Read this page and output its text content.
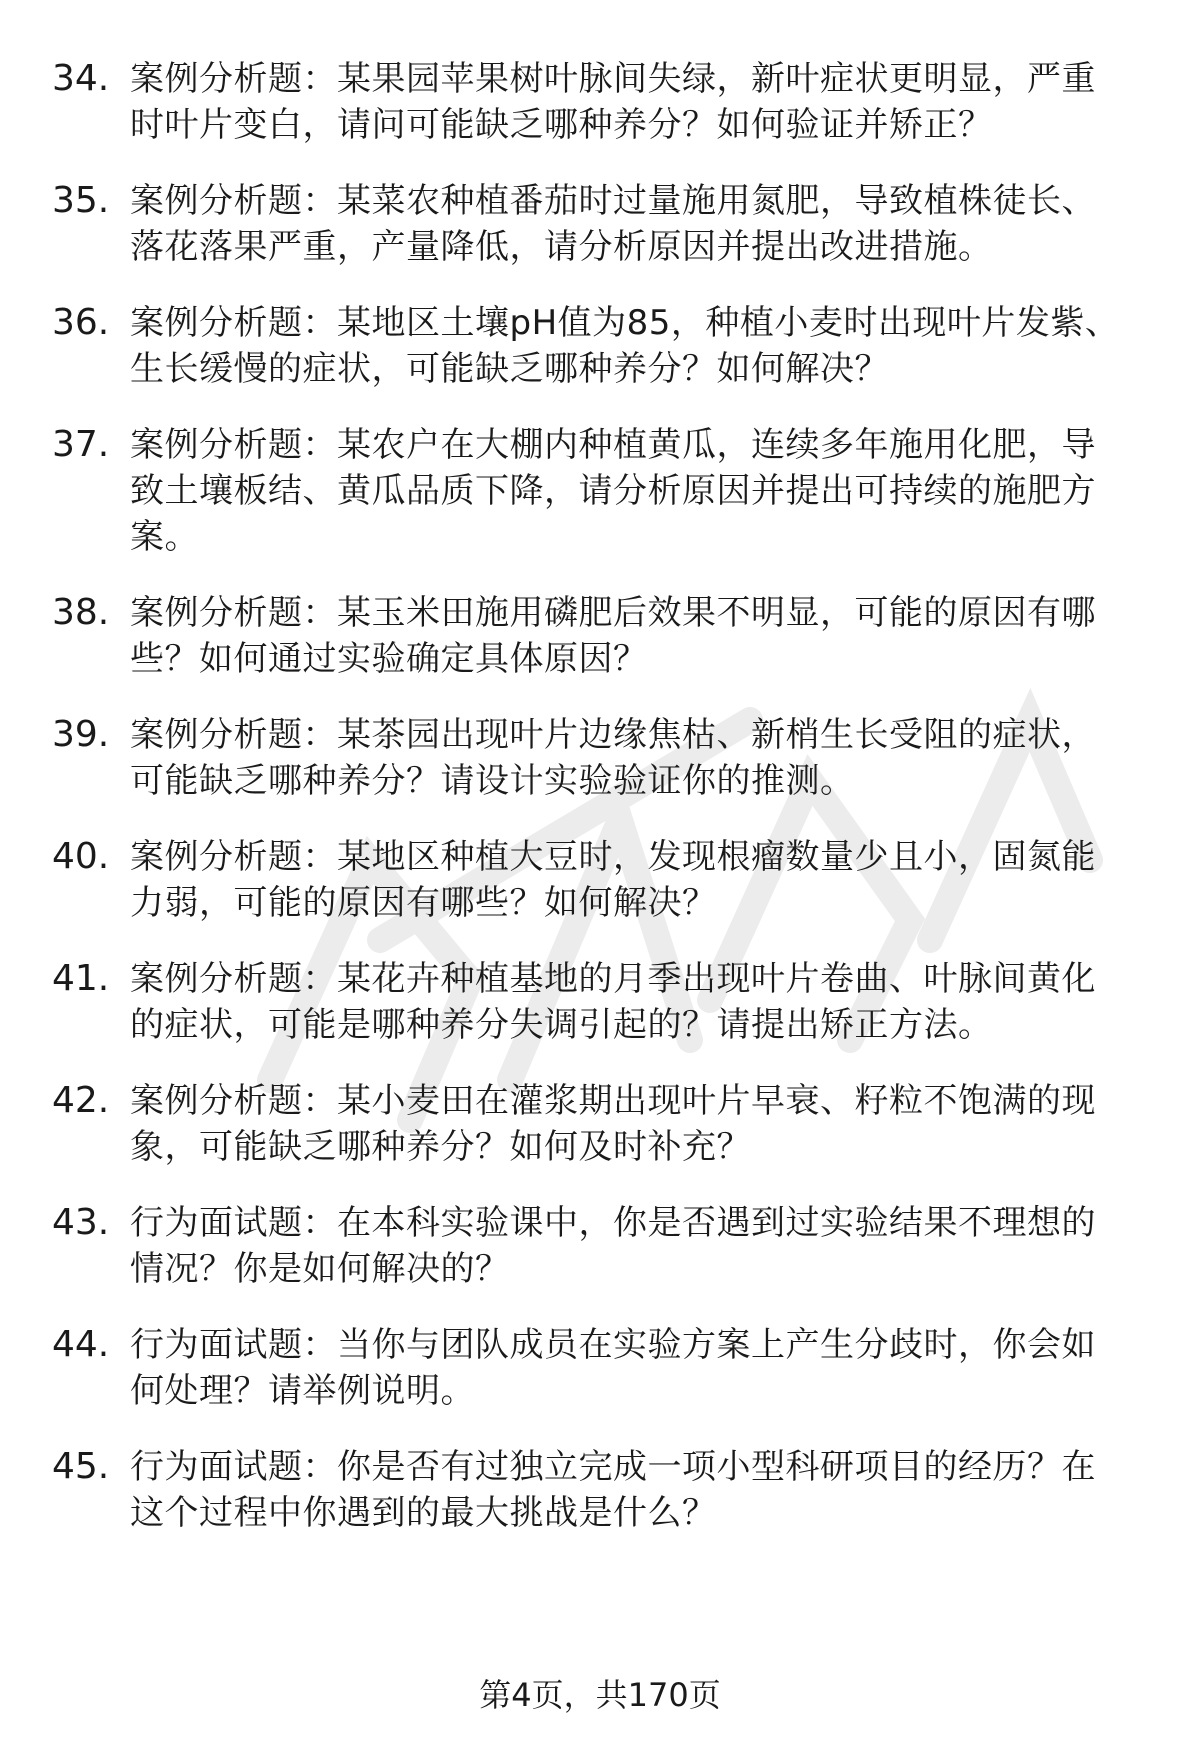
34. 案例分析题：某果园苹果树叶脉间失绿，新叶症状更明显，严重时叶片变白，请问可能缺乏哪种养分？如何验证并矫正？
35. 案例分析题：某菜农种植番茄时过量施用氮肥，导致植株徒长、落花落果严重，产量降低，请分析原因并提出改进措施。
36. 案例分析题：某地区土壤pH值为85，种植小麦时出现叶片发紫、生长缓慢的症状，可能缺乏哪种养分？如何解决？
37. 案例分析题：某农户在大棚内种植黄瓜，连续多年施用化肥，导致土壤板结、黄瓜品质下降，请分析原因并提出可持续的施肥方案。
38. 案例分析题：某玉米田施用磷肥后效果不明显，可能的原因有哪些？如何通过实验确定具体原因？
39. 案例分析题：某茶园出现叶片边缘焦枯、新梢生长受阻的症状，可能缺乏哪种养分？请设计实验验证你的推测。
40. 案例分析题：某地区种植大豆时，发现根瘤数量少且小，固氮能力弱，可能的原因有哪些？如何解决？
41. 案例分析题：某花卉种植基地的月季出现叶片卷曲、叶脉间黄化的症状，可能是哪种养分失调引起的？请提出矫正方法。
42. 案例分析题：某小麦田在灌浆期出现叶片早衰、籽粒不饱满的现象，可能缺乏哪种养分？如何及时补充？
43. 行为面试题：在本科实验课中，你是否遇到过实验结果不理想的情况？你是如何解决的？
44. 行为面试题：当你与团队成员在实验方案上产生分歧时，你会如何处理？请举例说明。
45. 行为面试题：你是否有过独立完成一项小型科研项目的经历？在这个过程中你遇到的最大挑战是什么？
第4页，共170页
